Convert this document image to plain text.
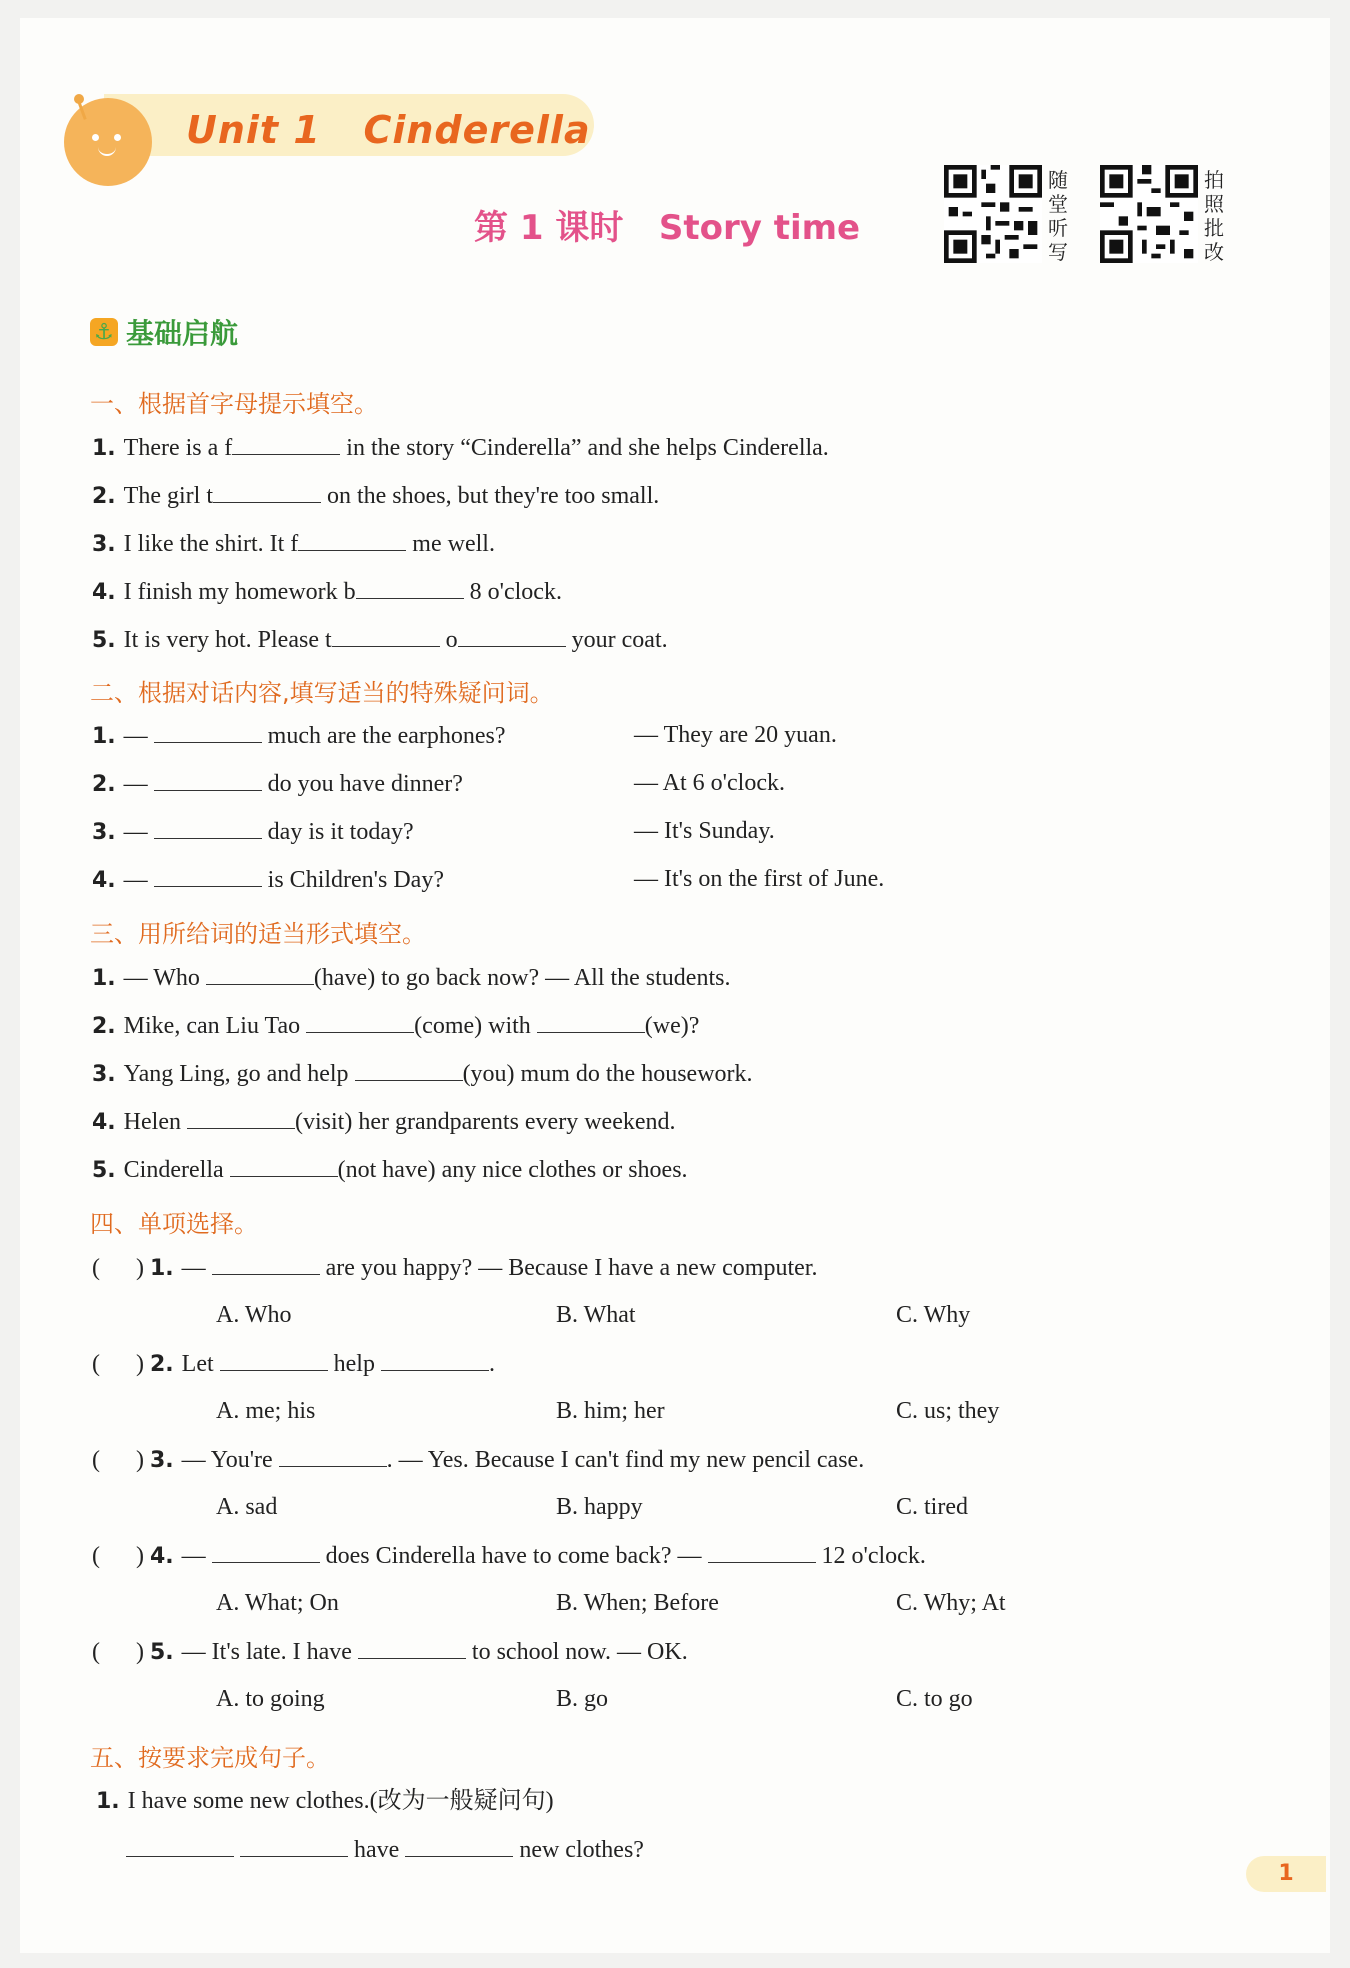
Unit 1   Cinderella
第 1 课时   Story time
随堂听写
拍照批改
⚓ 基础启航
一、根据首字母提示填空。
1. There is a f	in the story “Cinderella” and she helps Cinderella.
2. The girl t	on the shoes, but they're too small.
3. I like the shirt. It f	me well.
4. I finish my homework b	8 o'clock.
5. It is very hot. Please t	o	your coat.
二、根据对话内容,填写适当的特殊疑问词。
1. —	much are the earphones?	— They are 20 yuan.
2. —	do you have dinner?	— At 6 o'clock.
3. —	day is it today?	— It's Sunday.
4. —	is Children's Day?	— It's on the first of June.
三、用所给词的适当形式填空。
1. — Who	(have) to go back now? — All the students.
2. Mike, can Liu Tao	(come) with	(we)?
3. Yang Ling, go and help	(you) mum do the housework.
4. Helen	(visit) her grandparents every weekend.
5. Cinderella	(not have) any nice clothes or shoes.
四、单项选择。
(      ) 1. —	are you happy? — Because I have a new computer.
A. Who	B. What	C. Why
(      ) 2. Let	help	.
A. me; his	B. him; her	C. us; they
(      ) 3. — You're	. — Yes. Because I can't find my new pencil case.
A. sad	B. happy	C. tired
(      ) 4. —	does Cinderella have to come back? —	12 o'clock.
A. What; On	B. When; Before	C. Why; At
(      ) 5. — It's late. I have	to school now. — OK.
A. to going	B. go	C. to go
五、按要求完成句子。
1. I have some new clothes.(改为一般疑问句)
have	new clothes?
1
